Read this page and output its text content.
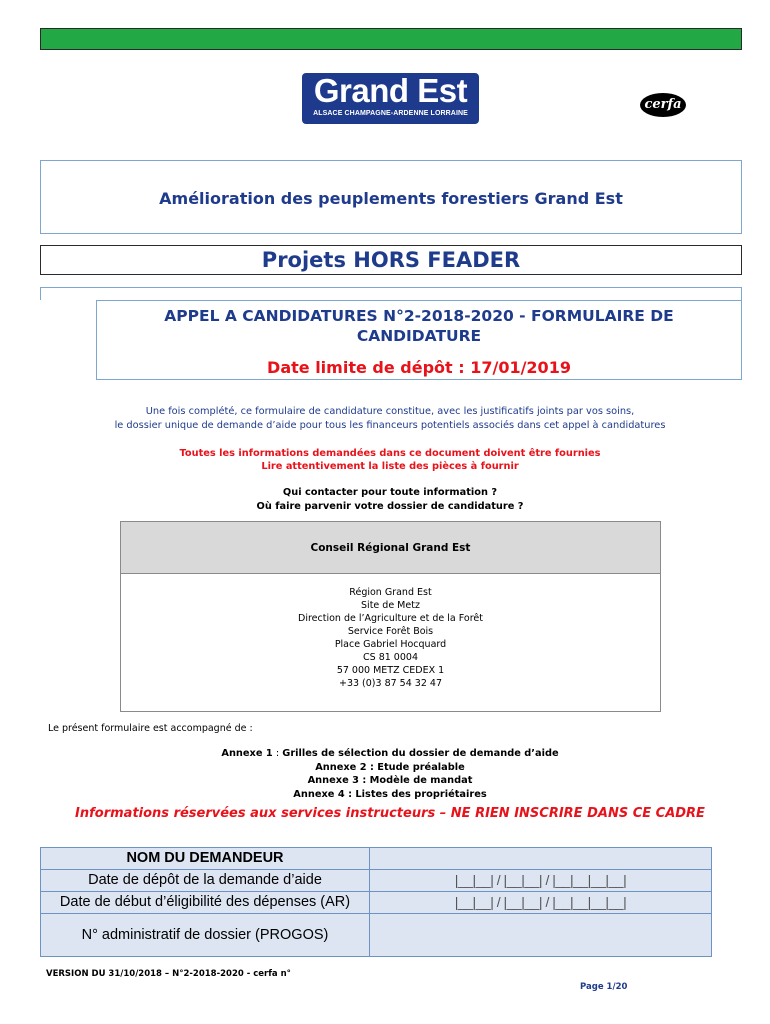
Grand Est
ALSACE CHAMPAGNE-ARDENNE LORRAINE
cerfa
Amélioration des peuplements forestiers Grand Est
Projets HORS FEADER
APPEL A CANDIDATURES N°2-2018-2020 - FORMULAIRE DE
CANDIDATURE
Date limite de dépôt : 17/01/2019
Une fois complété, ce formulaire de candidature constitue, avec les justificatifs joints par vos soins,
le dossier unique de demande d’aide pour tous les financeurs potentiels associés dans cet appel à candidatures
Toutes les informations demandées dans ce document doivent être fournies
Lire attentivement la liste des pièces à fournir
Qui contacter pour toute information ?
Où faire parvenir votre dossier de candidature ?
Conseil Régional Grand Est
Région Grand Est
Site de Metz
Direction de l’Agriculture et de la Forêt
Service Forêt Bois
Place Gabriel Hocquard
CS 81 0004
57 000 METZ CEDEX 1
+33 (0)3 87 54 32 47
Le présent formulaire est accompagné de :
Annexe 1 : Grilles de sélection du dossier de demande d’aide
Annexe 2 : Etude préalable
Annexe 3 : Modèle de mandat
Annexe 4 : Listes des propriétaires
Informations réservées aux services instructeurs – NE RIEN INSCRIRE DANS CE CADRE
NOM DU DEMANDEUR
Date de dépôt de la demande d’aide	|__|__| / |__|__| / |__|__|__|__|
Date de début d’éligibilité des dépenses (AR)	|__|__| / |__|__| / |__|__|__|__|
N° administratif de dossier (PROGOS)
VERSION DU 31/10/2018 – N°2-2018-2020 - cerfa n°
Page 1/20
